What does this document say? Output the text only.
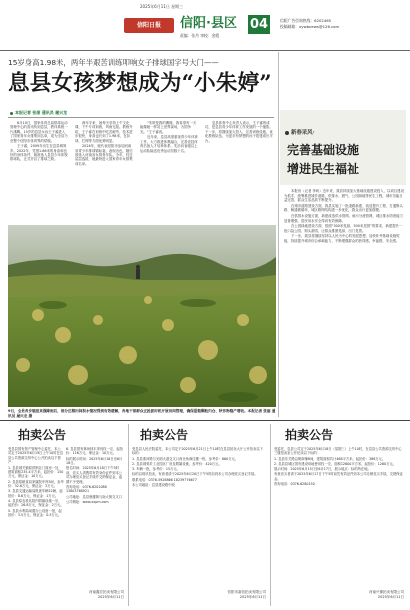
2025年6月11日 星期三
信阳日报	信阳·县区 04
责编：张丹 审校：金霞
信阳广告咨询热线：6202465
投稿邮箱：xywbnews@126.com
15岁身高1.98米，两年半艰苦训练叩响女子排球国字号大门——
息县女孩梦想成为“小朱婷”
本报记者 张丽 通讯员 屠兴龙

6月10日，国家体育总局排球运动管理中心的喜讯传到息县，教体系统一片沸腾。15岁的息县女孩王子睿进入了国家青年女排集训名单，成为全县乃至整个信阳市体育界的骄傲。

王子睿，2009年出生在息县城郊乡。2022年，凭借1.86米的身高和良好的身体条件，她被选入息县少年体校排球队，正式开启了排球之路。

两年半来，她每天坚持上午文化课、下午专项训练，风雨无阻。教练介绍，王子睿在训练中吃苦耐劳，技术进步很快，身高也长到了1.98米，在扣球、拦网等方面优势明显。

2024年，她代表信阳市参加河南省青少年排球锦标赛，表现出色，随后被选入河南省女排青年队。今年，经过层层选拔，她最终进入国家青年女排集训名单。

“朱婷是我的偶像，我希望有一天能像她一样站上世界赛场，为国争光。”王子睿说。

近年来，息县高度重视青少年体育工作，大力推进体教融合，完善竞技体育后备人才培养体系，先后向省级以上运动队输送优秀运动员数十名。

息县体育中心负责人表示，王子睿的成功，是息县青少年体育工作发展的一个缩影。下一步，将继续加大投入，完善训练设施，优化教练队伍，为更多有梦想的孩子搭建成长平台。

9日，全县各乡镇迎来强降雨后，部分庄稼田间积水情况得到有效缓解，各地干部群众正抢抓时机开展田间管理，确保夏粮颗粒归仓、秋作物稳产增收。本报记者 张丽 通讯员 屠兴龙 摄
新春采风·
完善基础设施
增进民生福祉

本报讯（记者 李尚）近年来，我县持续加大基础设施建设投入，以项目建设为抓手，统筹推进城乡道路、供排水、燃气、公园绿地等民生工程，城市功能日益完善，群众生活品质不断提升。

在城市道路建设方面，我县实施了一批道路新建、改造提升工程，打通断头路、畅通微循环，城区路网结构进一步优化，群众出行更加便捷。

在供排水设施方面，新建改造供水管网、雨污分流管网，城区排水防涝能力显著增强，居民用水安全得到有效保障。

在公园绿地建设方面，按照“300米见绿、500米见园”的要求，新建提升一批口袋公园、街头游园，让群众推窗见绿、出门见景。

下一步，我县将继续坚持以人民为中心的发展思想，加快补齐基础设施短板，持续提升城市综合承载能力，不断增强群众的获得感、幸福感、安全感。

拍卖公告

受息县国有资产管理中心委托，本公司定于2025年6月19日上午10时在息县公共资源交易中心公开拍卖以下资产：

1. 息县城关镇原供销社门面房一处，建筑面积235.4平方米，起拍价：150万元，保证金：10万元。

2. 息县原粮食局家属院车库5间，参考价：32.6万元，保证金：3万元。

3. 息县交通运输局报废车辆12辆，起拍价：8.6万元，保证金：1万元。

4. 息县原农机站院内附属设施一宗，起拍价：26.8万元，保证金：2万元。

5. 息县水利局闲置办公设备一批，起拍价：3.5万元，保证金：0.5万元。

6. 息县国有林场林木采伐权一宗，起拍价：116万元，保证金：10万元。

标的展示时间：2025年6月16日至6月18日。

报名时间：2025年6月18日下午5时前，竞买人须携带有效身份证件到本公司办理竞买登记手续并交纳保证金，逾期不予受理。

咨询电话：0376-6201088 13803768921

公司地址：息县谯楼街与南大街交叉口

公司网址：www.xxpm.com

河南鑫宏拍卖有限公司
2025年6月11日
拍卖公告

受息县人民法院委托，本公司定于2025年6月21日上午10时在息县拍卖大厅公开拍卖以下标的：

1. 息县淮河路与光明大道交叉口西北角商住楼一栋，参考价：860万元。

2. 息县城郊乡工业园区厂房及附属设施，参考价：420万元。

3. 车辆一批，参考价：15万元。

标的以现状拍卖，有意者请于2025年6月20日下午5时前到本公司办理竞买登记手续。

联系电话：0376-5928866 18239776677

本公司地址：息县建设路中段

信阳市嘉信拍卖有限公司
2025年6月11日
拍卖公告

受委托，息县公司定于2025年6月18日（星期三）上午10时，在息县公共资源交易中心三楼拍卖室公开拍卖以下标的：

1. 息县东关路沿街商铺8间，建筑面积共计468平方米，起拍价：386万元。

2. 息县县城区国有建设用地使用权一宗，面积12600平方米，起拍价：1260万元。

展示时间：2025年6月15日至6月17日，展示地点：标的所在地。

有意竞买者请于2025年6月17日下午5时前凭有效证件到本公司办理竞买手续，交纳保证金。

咨询电话：0376-6280150

河南兴豫拍卖有限公司
2025年6月11日
